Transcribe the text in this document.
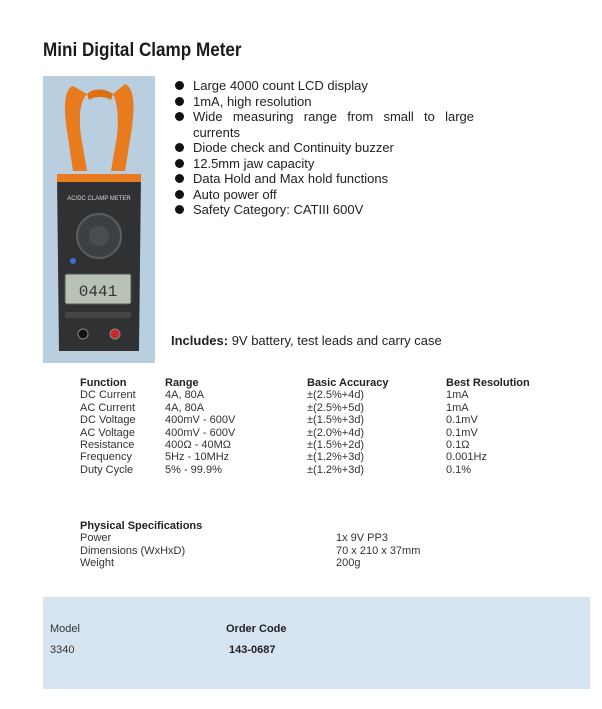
Mini Digital Clamp Meter
AC/DC CLAMP METER
0441
Large 4000 count LCD display
1mA, high resolution
Wide measuring range from small to large currents
Diode check and Continuity buzzer
12.5mm jaw capacity
Data Hold and Max hold functions
Auto power off
Safety Category: CATIII 600V
Includes: 9V battery, test leads and carry case
Function	Range	Basic Accuracy	Best Resolution
DC Current	4A, 80A	±(2.5%+4d)	1mA
AC Current	4A, 80A	±(2.5%+5d)	1mA
DC Voltage	400mV - 600V	±(1.5%+3d)	0.1mV
AC Voltage	400mV - 600V	±(2.0%+4d)	0.1mV
Resistance	400Ω - 40MΩ	±(1.5%+2d)	0.1Ω
Frequency	5Hz - 10MHz	±(1.2%+3d)	0.001Hz
Duty Cycle	5% - 99.9%	±(1.2%+3d)	0.1%
Physical Specifications
Power	1x 9V PP3
Dimensions (WxHxD)	70 x 210 x 37mm
Weight	200g
Model	Order Code
3340	143-0687
